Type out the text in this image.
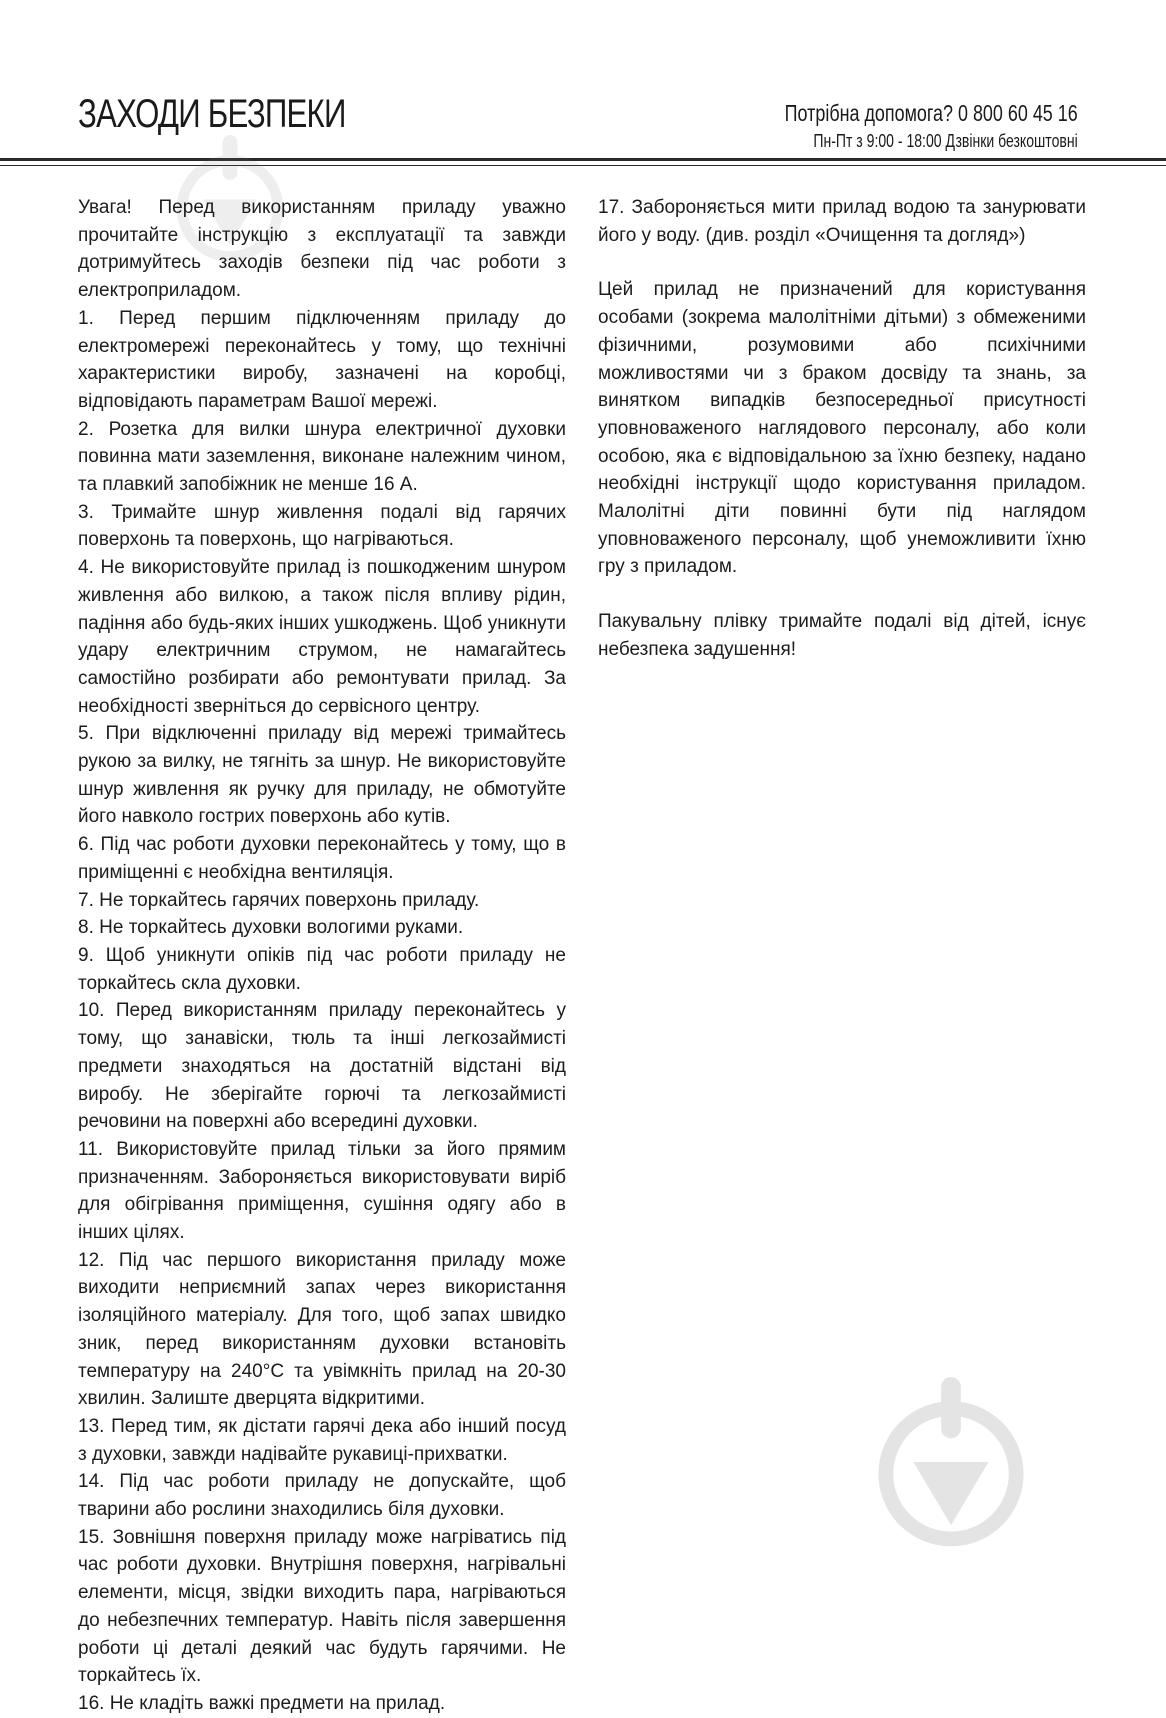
ЗАХОДИ БЕЗПЕКИ	Потрібна допомога? 0 800 60 45 16
Пн-Пт з 9:00 - 18:00 Дзвінки безкоштовні

Увага! Перед використанням приладу уважно прочитайте інструкцію з експлуатації та завжди дотримуйтесь заходів безпеки під час роботи з електроприладом.

1. Перед першим підключенням приладу до електромережі переконайтесь у тому, що технічні характеристики виробу, зазначені на коробці, відповідають параметрам Вашої мережі.

2. Розетка для вилки шнура електричної духовки повинна мати заземлення, виконане належним чином, та плавкий запобіжник не менше 16 А.

3. Тримайте шнур живлення подалі від гарячих поверхонь та поверхонь, що нагріваються.

4. Не використовуйте прилад із пошкодженим шнуром живлення або вилкою, а також після впливу рідин, падіння або будь-яких інших ушкоджень. Щоб уникнути удару електричним струмом, не намагайтесь самостійно розбирати або ремонтувати прилад. За необхідності зверніться до сервісного центру.

5. При відключенні приладу від мережі тримайтесь рукою за вилку, не тягніть за шнур. Не використовуйте шнур живлення як ручку для приладу, не обмотуйте його навколо гострих поверхонь або кутів.

6. Під час роботи духовки переконайтесь у тому, що в приміщенні є необхідна вентиляція.

7. Не торкайтесь гарячих поверхонь приладу.

8. Не торкайтесь духовки вологими руками.

9. Щоб уникнути опіків під час роботи приладу не торкайтесь скла духовки.

10. Перед використанням приладу переконайтесь у тому, що занавіски, тюль та інші легкозаймисті предмети знаходяться на достатній відстані від виробу. Не зберігайте горючі та легкозаймисті речовини на поверхні або всередині духовки.

11. Використовуйте прилад тільки за його прямим призначенням. Забороняється використовувати виріб для обігрівання приміщення, сушіння одягу або в інших цілях.

12. Під час першого використання приладу може виходити неприємний запах через використання ізоляційного матеріалу. Для того, щоб запах швидко зник, перед використанням духовки встановіть температуру на 240°С та увімкніть прилад на 20-30 хвилин. Залиште дверцята відкритими.

13. Перед тим, як дістати гарячі дека або інший посуд з духовки, завжди надівайте рукавиці-прихватки.

14. Під час роботи приладу не допускайте, щоб тварини або рослини знаходились біля духовки.

15. Зовнішня поверхня приладу може нагріватись під час роботи духовки. Внутрішня поверхня, нагрівальні елементи, місця, звідки виходить пара, нагріваються до небезпечних температур. Навіть після завершення роботи ці деталі деякий час будуть гарячими. Не торкайтесь їх.

16. Не кладіть важкі предмети на прилад.

17. Забороняється мити прилад водою та занурювати його у воду. (див. розділ «Очищення та догляд»)

Цей прилад не призначений для користування особами (зокрема малолітніми дітьми) з обмеженими фізичними, розумовими або психічними можливостями чи з браком досвіду та знань, за винятком випадків безпосередньої присутності уповноваженого наглядового персоналу, або коли особою, яка є відповідальною за їхню безпеку, надано необхідні інструкції щодо користування приладом. Малолітні діти повинні бути під наглядом уповноваженого персоналу, щоб унеможливити їхню гру з приладом.

Пакувальну плівку тримайте подалі від дітей, існує небезпека задушення!
